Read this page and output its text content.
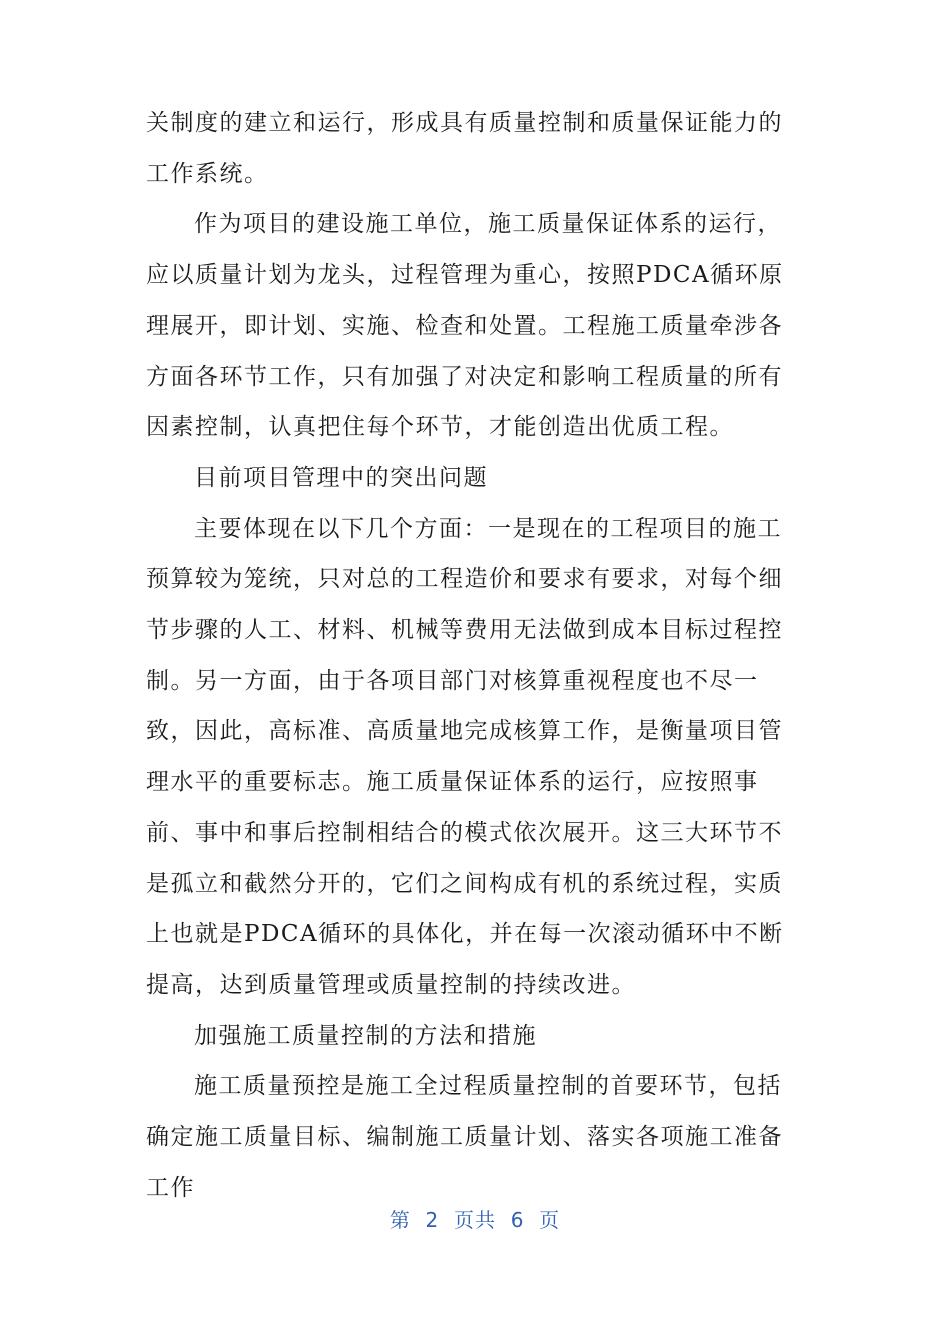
关制度的建立和运行，形成具有质量控制和质量保证能力的工作系统。

作为项目的建设施工单位，施工质量保证体系的运行，应以质量计划为龙头，过程管理为重心，按照PDCA循环原理展开，即计划、实施、检查和处置。工程施工质量牵涉各方面各环节工作，只有加强了对决定和影响工程质量的所有因素控制，认真把住每个环节，才能创造出优质工程。

目前项目管理中的突出问题

主要体现在以下几个方面：一是现在的工程项目的施工预算较为笼统，只对总的工程造价和要求有要求，对每个细节步骤的人工、材料、机械等费用无法做到成本目标过程控制。另一方面，由于各项目部门对核算重视程度也不尽一致，因此，高标准、高质量地完成核算工作，是衡量项目管理水平的重要标志。施工质量保证体系的运行，应按照事前、事中和事后控制相结合的模式依次展开。这三大环节不是孤立和截然分开的，它们之间构成有机的系统过程，实质上也就是PDCA循环的具体化，并在每一次滚动循环中不断提高，达到质量管理或质量控制的持续改进。

加强施工质量控制的方法和措施

施工质量预控是施工全过程质量控制的首要环节，包括确定施工质量目标、编制施工质量计划、落实各项施工准备工作

第  2  页共  6  页
